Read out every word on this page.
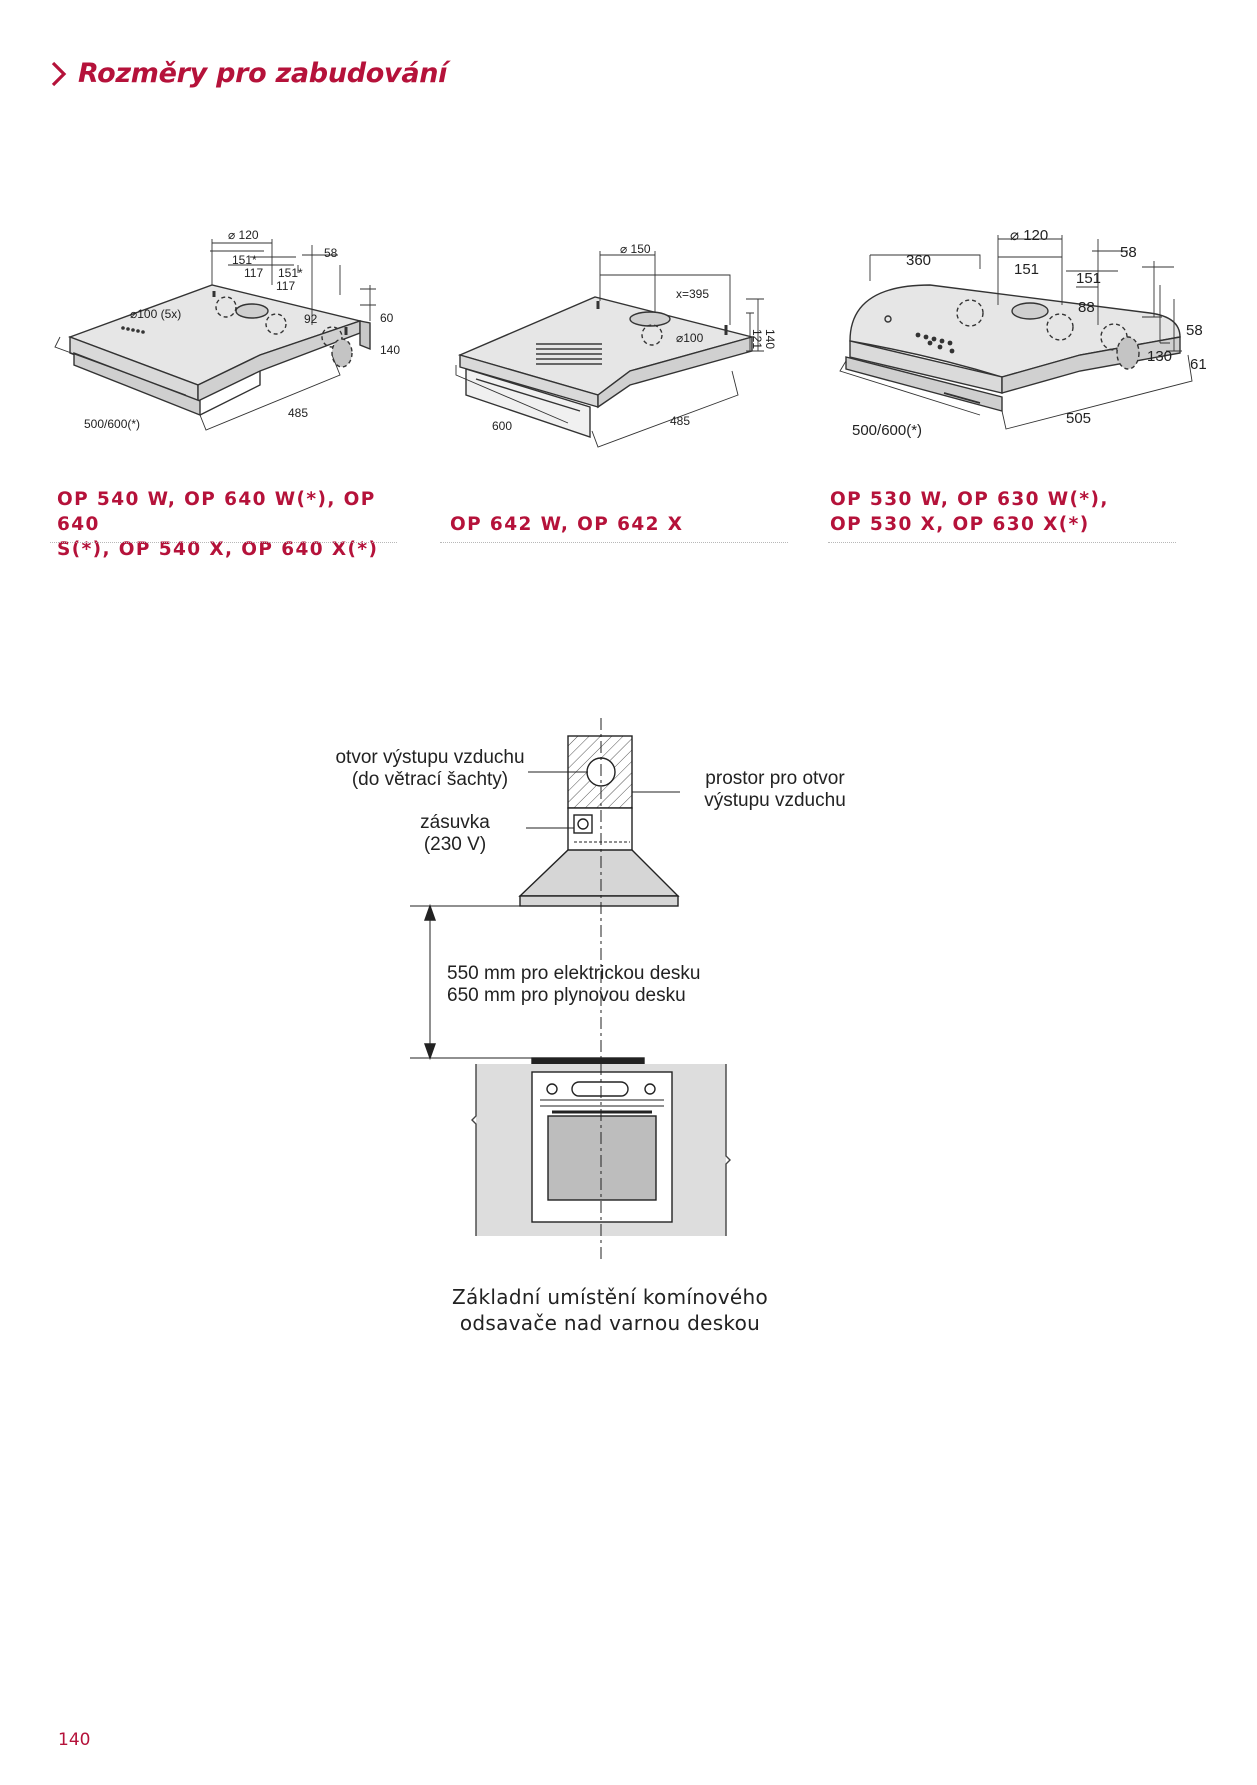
Rozměry pro zabudování
⌀ 120
151*
117 151*
117
58
⌀100 (5x)	92	60
140
485
500/600(*)
⌀ 150
x=395
⌀100	140
121
600	485
360
⌀ 120
151
151
58
88
58
130 61
505
500/600(*)
OP 540 W, OP 640 W(*), OP 640
S(*), OP 540 X, OP 640 X(*)
OP 642 W, OP 642 X
OP 530 W, OP 630 W(*),
OP 530 X, OP 630 X(*)
otvor výstupu vzduchu
(do větrací šachty)
zásuvka
(230 V)
prostor pro otvor
výstupu vzduchu
550 mm pro elektrickou desku
650 mm pro plynovou desku
Základní umístění komínového
odsavače nad varnou deskou
140
